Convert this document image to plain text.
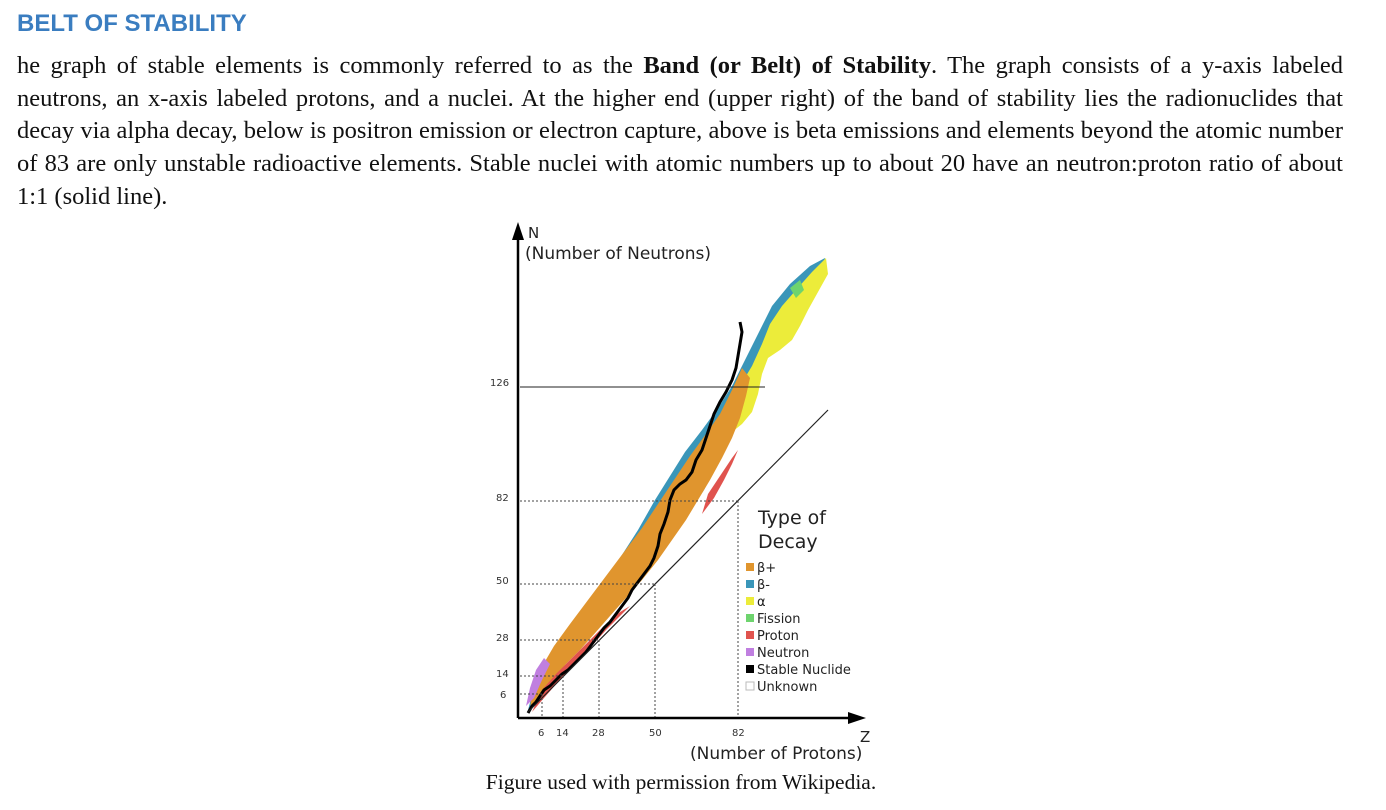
BELT OF STABILITY

he graph of stable elements is commonly referred to as the Band (or Belt) of Stability. The graph consists of a y-axis labeled neutrons, an x-axis labeled protons, and a nuclei. At the higher end (upper right) of the band of stability lies the radionuclides that decay via alpha decay, below is positron emission or electron capture, above is beta emissions and elements beyond the atomic number of 83 are only unstable radioactive elements. Stable nuclei with atomic numbers up to about 20 have an neutron:proton ratio of about 1:1 (solid line).

N
(Number of Neutrons)
Z
(Number of Protons)
126
82
50
28
14
6
6 14 28	50	82
Type of
Decay
β+
β-
α
Fission
Proton
Neutron
Stable Nuclide
Unknown
Figure used with permission from Wikipedia.
